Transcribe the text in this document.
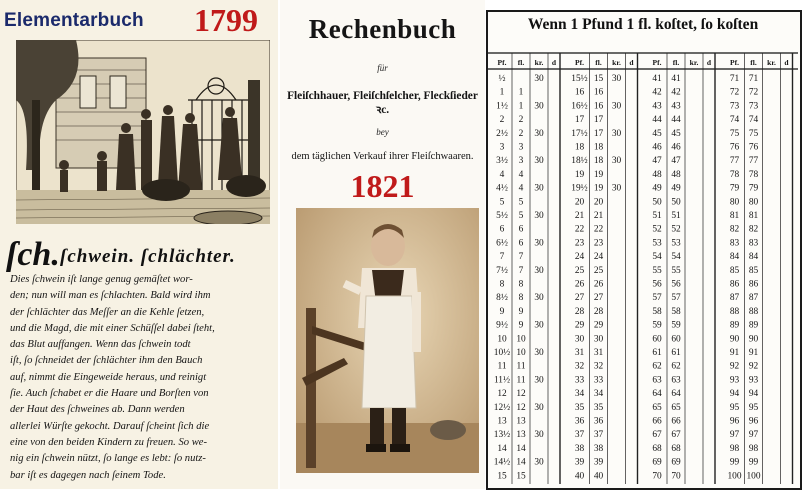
Elementarbuch 1799
ſch. ſchwein. ſchlächter.
Dies ſchwein iſt lange genug gemäſtet wor-
den; nun will man es ſchlachten. Bald wird ihm
der ſchlächter das Meſſer an die Kehle ſetzen,
und die Magd, die mit einer Schüſſel dabei ſteht,
das Blut auffangen. Wenn das ſchwein todt
iſt, ſo ſchneidet der ſchlächter ihm den Bauch
auf, nimmt die Eingeweide heraus, und reinigt
ſie. Auch ſchabet er die Haare und Borſten von
der Haut des ſchweines ab. Dann werden
allerlei Würſte gekocht. Darauf ſcheint ſich die
eine von den beiden Kindern zu freuen. So we-
nig ein ſchwein nützt, ſo lange es lebt: ſo nutz-
bar iſt es dagegen nach ſeinem Tode.
Rechenbuch
für
Fleiſchhauer, Fleiſchſelcher, Fleckſieder ꝛc.
bey
dem täglichen Verkauf ihrer Fleiſchwaaren.
1821
Wenn 1 Pfund 1 fl. koſtet, ſo koſten
Pf. fl. kr. d
½	30
1 1
1½ 1 30
2 2
2½ 2 30
3 3
3½ 3 30
4 4
4½ 4 30
5 5
5½ 5 30
6 6
6½ 6 30
7 7
7½ 7 30
8 8
8½ 8 30
9 9
9½ 9 30
10 10
10½ 10 30
11 11
11½ 11 30
12 12
12½ 12 30
13 13
13½ 13 30
14 14
14½ 14 30
15 15
Pf. fl. kr. d
15½ 15 30
16 16
16½ 16 30
17 17
17½ 17 30
18 18
18½ 18 30
19 19
19½ 19 30
20 20
21 21
22 22
23 23
24 24
25 25
26 26
27 27
28 28
29 29
30 30
31 31
32 32
33 33
34 34
35 35
36 36
37 37
38 38
39 39
40 40
Pf. fl. kr. d
41 41
42 42
43 43
44 44
45 45
46 46
47 47
48 48
49 49
50 50
51 51
52 52
53 53
54 54
55 55
56 56
57 57
58 58
59 59
60 60
61 61
62 62
63 63
64 64
65 65
66 66
67 67
68 68
69 69
70 70
Pf. fl. kr. d
71 71
72 72
73 73
74 74
75 75
76 76
77 77
78 78
79 79
80 80
81 81
82 82
83 83
84 84
85 85
86 86
87 87
88 88
89 89
90 90
91 91
92 92
93 93
94 94
95 95
96 96
97 97
98 98
99 99
100 100
